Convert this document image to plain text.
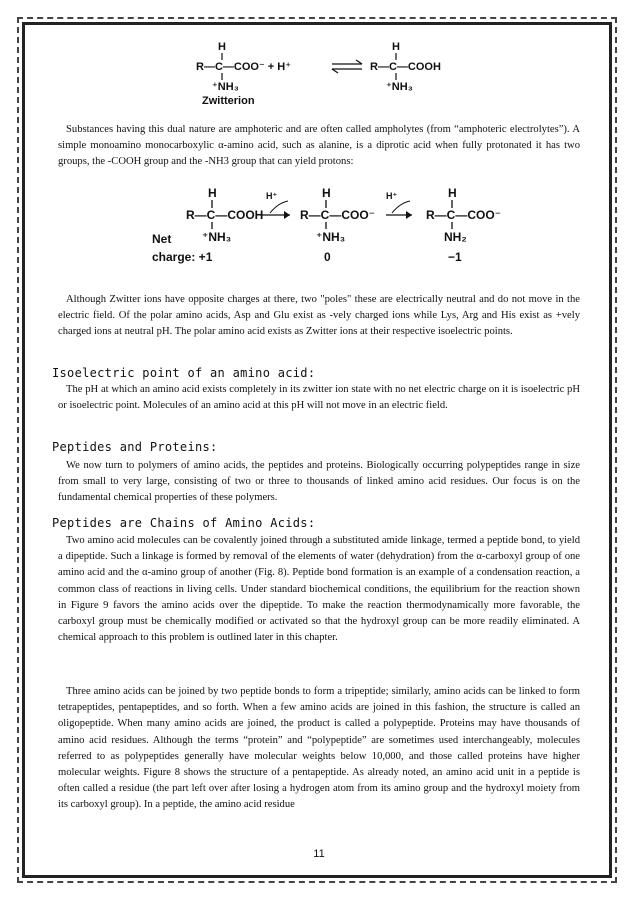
H
R—C—COO⁻ + H⁺
⁺NH₃
Zwitterion
H
R—C—COOH
⁺NH₃
H
R—C—COOH
⁺NH₃
H⁺	H
R—C—COO⁻
⁺NH₃
H⁺	H
R—C—COO⁻
NH₂
Net
charge: +1	0	−1

Substances having this dual nature are amphoteric and are often called ampholytes (from “amphoteric electrolytes”). A simple monoamino monocarboxylic α-amino acid, such as alanine, is a diprotic acid when fully protonated it has two groups, the -COOH group and the -NH3 group that can yield protons:

Although Zwitter ions have opposite charges at there, two "poles" these are electrically neutral and do not move in the electric field. Of the polar amino acids, Asp and Glu exist as -vely charged ions while Lys, Arg and His exist as +vely charged ions at neutral pH. The polar amino acid exists as Zwitter ions at their respective isoelectric points.

Isoelectric point of an amino acid:

The pH at which an amino acid exists completely in its zwitter ion state with no net electric charge on it is isoelectric pH or isoelectric point. Molecules of an amino acid at this pH will not move in an electric field.

Peptides and Proteins:

We now turn to polymers of amino acids, the peptides and proteins. Biologically occurring polypeptides range in size from small to very large, consisting of two or three to thousands of linked amino acid residues. Our focus is on the fundamental chemical properties of these polymers.

Peptides are Chains of Amino Acids:

Two amino acid molecules can be covalently joined through a substituted amide linkage, termed a peptide bond, to yield a dipeptide. Such a linkage is formed by removal of the elements of water (dehydration) from the α-carboxyl group of one amino acid and the α-amino group of another (Fig. 8). Peptide bond formation is an example of a condensation reaction, a common class of reactions in living cells. Under standard biochemical conditions, the equilibrium for the reaction shown in Figure 9 favors the amino acids over the dipeptide. To make the reaction thermodynamically more favorable, the carboxyl group must be chemically modified or activated so that the hydroxyl group can be more readily eliminated. A chemical approach to this problem is outlined later in this chapter.

Three amino acids can be joined by two peptide bonds to form a tripeptide; similarly, amino acids can be linked to form tetrapeptides, pentapeptides, and so forth. When a few amino acids are joined in this fashion, the structure is called an oligopeptide. When many amino acids are joined, the product is called a polypeptide. Proteins may have thousands of amino acid residues. Although the terms “protein” and “polypeptide” are sometimes used interchangeably, molecules referred to as polypeptides generally have molecular weights below 10,000, and those called proteins have higher molecular weights. Figure 8 shows the structure of a pentapeptide. As already noted, an amino acid unit in a peptide is often called a residue (the part left over after losing a hydrogen atom from its amino group and the hydroxyl moiety from its carboxyl group). In a peptide, the amino acid residue

11
